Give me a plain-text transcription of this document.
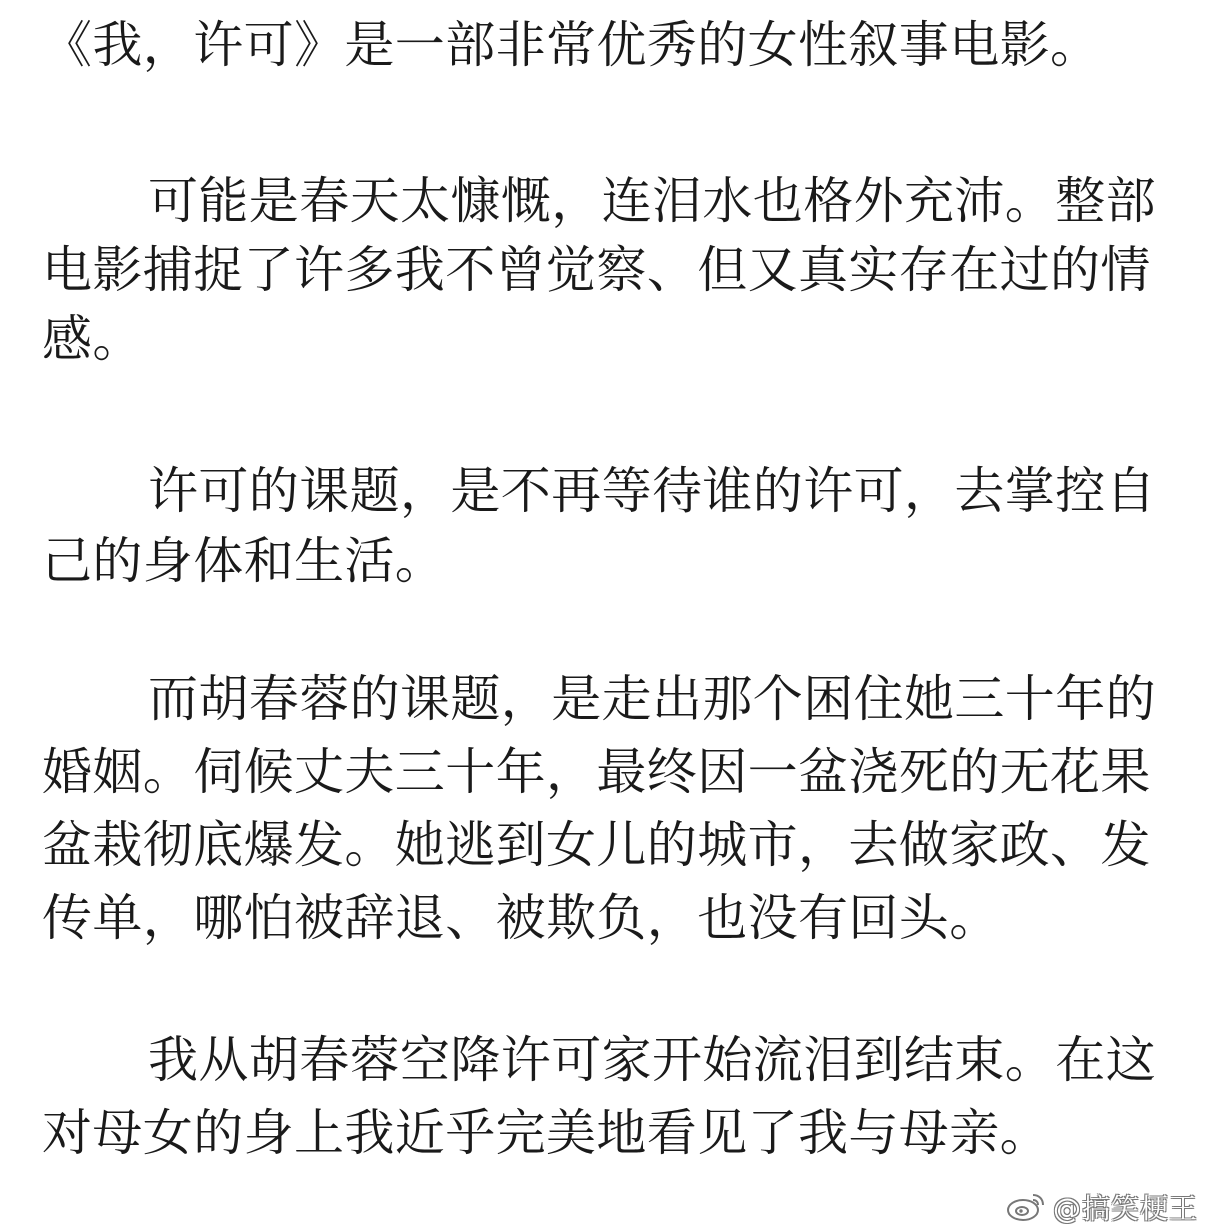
《我，许可》是一部非常优秀的女性叙事电影。
可能是春天太慷慨，连泪水也格外充沛。整部
电影捕捉了许多我不曾觉察、但又真实存在过的情
感。
许可的课题，是不再等待谁的许可，去掌控自
己的身体和生活。
而胡春蓉的课题，是走出那个困住她三十年的
婚姻。伺候丈夫三十年，最终因一盆浇死的无花果
盆栽彻底爆发。她逃到女儿的城市，去做家政、发
传单，哪怕被辞退、被欺负，也没有回头。
我从胡春蓉空降许可家开始流泪到结束。在这
对母女的身上我近乎完美地看见了我与母亲。
@搞笑梗王
